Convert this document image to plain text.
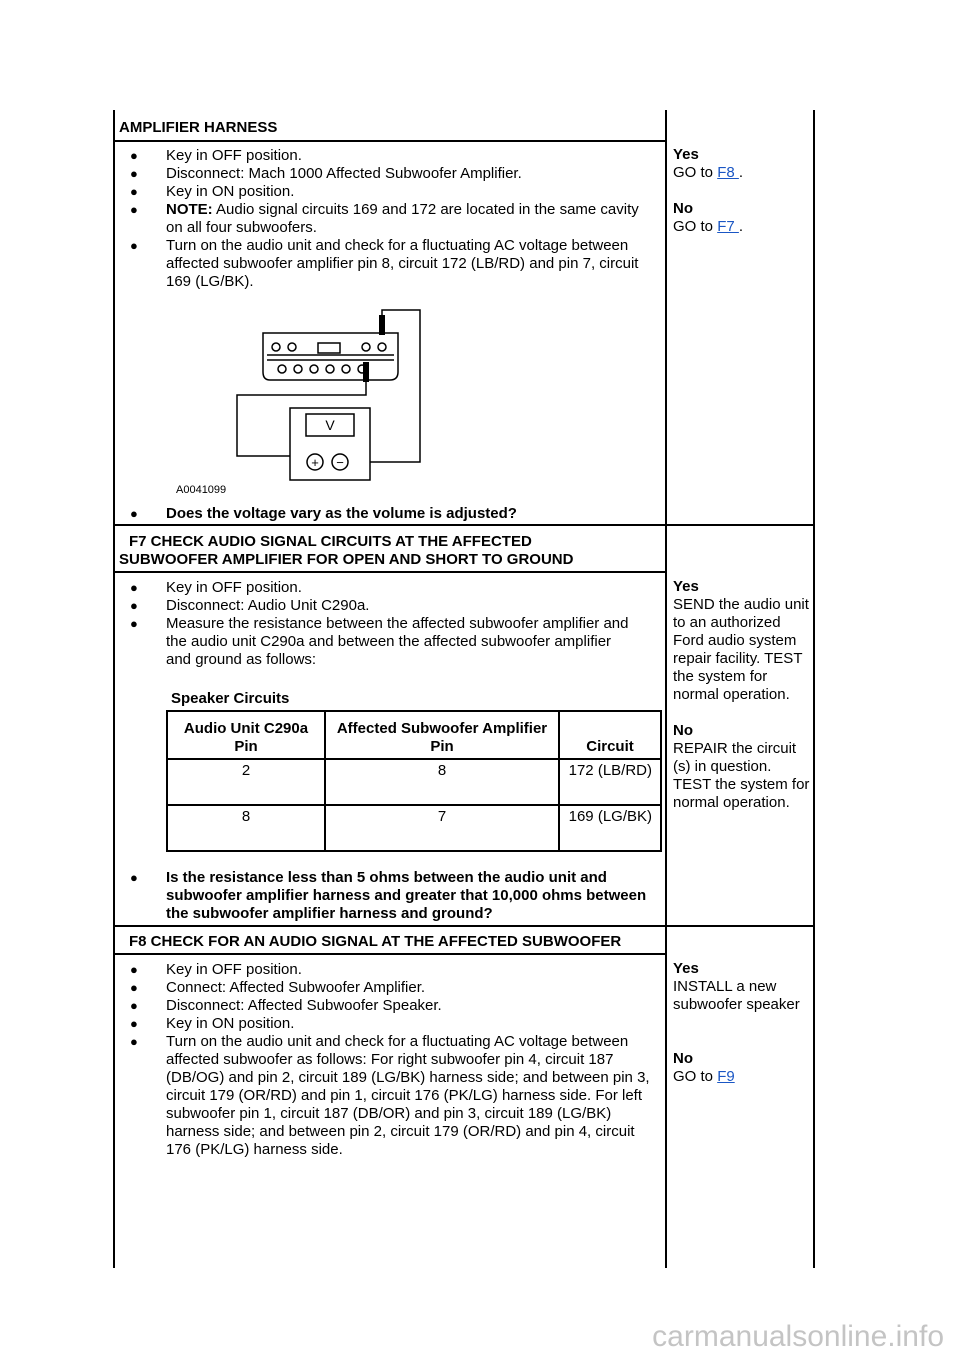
AMPLIFIER HARNESS
● Key in OFF position.
● Disconnect: Mach 1000 Affected Subwoofer Amplifier.
● Key in ON position.
● NOTE: Audio signal circuits 169 and 172 are located in the same cavity on all four subwoofers.
● Turn on the audio unit and check for a fluctuating AC voltage between affected subwoofer amplifier pin 8, circuit 172 (LB/RD) and pin 7, circuit 169 (LG/BK).
V
+ −
A0041099
● Does the voltage vary as the volume is adjusted?
Yes
GO to F8 .
No
GO to F7 .
F7 CHECK AUDIO SIGNAL CIRCUITS AT THE AFFECTED
SUBWOOFER AMPLIFIER FOR OPEN AND SHORT TO GROUND
● Key in OFF position.
● Disconnect: Audio Unit C290a.
● Measure the resistance between the affected subwoofer amplifier and the audio unit C290a and between the affected subwoofer amplifier and ground as follows:
Speaker Circuits
Audio Unit C290a Pin	Affected Subwoofer Amplifier Pin	Circuit
2	8	172 (LB/RD)
8	7	169 (LG/BK)
● Is the resistance less than 5 ohms between the audio unit and subwoofer amplifier harness and greater that 10,000 ohms between the subwoofer amplifier harness and ground?
Yes
SEND the audio unit to an authorized Ford audio system repair facility. TEST the system for normal operation.
No
REPAIR the circuit (s) in question. TEST the system for normal operation.
F8 CHECK FOR AN AUDIO SIGNAL AT THE AFFECTED SUBWOOFER
● Key in OFF position.
● Connect: Affected Subwoofer Amplifier.
● Disconnect: Affected Subwoofer Speaker.
● Key in ON position.
● Turn on the audio unit and check for a fluctuating AC voltage between affected subwoofer as follows: For right subwoofer pin 4, circuit 187 (DB/OG) and pin 2, circuit 189 (LG/BK) harness side; and between pin 3, circuit 179 (OR/RD) and pin 1, circuit 176 (PK/LG) harness side. For left subwoofer pin 1, circuit 187 (DB/OR) and pin 3, circuit 189 (LG/BK) harness side; and between pin 2, circuit 179 (OR/RD) and pin 4, circuit 176 (PK/LG) harness side.
Yes
INSTALL a new subwoofer speaker
No
GO to F9
carmanualsonline.info
